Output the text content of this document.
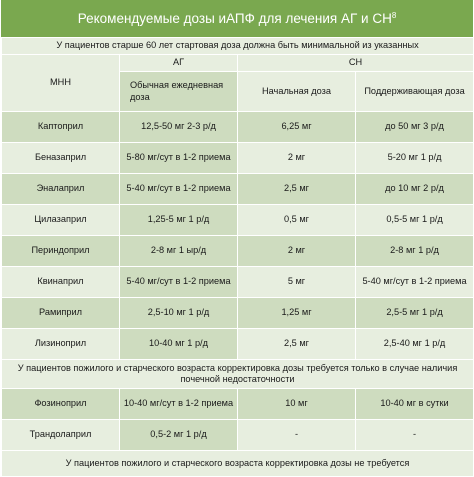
Рекомендуемые дозы иАПФ для лечения АГ и $СН^8$
У пациентов старше 60 лет стартовая доза должна быть минимальной из указанных			
МНН	АГ	СН	
	Обычная ежедневная доза	Начальная доза	Поддерживающая доза
Каптоприл	12,5-50 мг 2-3 р/д	6,25 мг	до 50 мг 3 р/д
Беназаприл	5-80 мг/сут в 1-2 приема	2 мг	5-20 мг 1 р/д
Эналаприл	5-40 мг/сут в 1-2 приема	2,5 мг	до 10 мг 2 р/д
Цилазаприл	1,25-5 мг 1 р/д	0,5 мг	0,5-5 мг 1 р/д
Периндоприл	2-8 мг 1 ыр/д	2 мг	2-8 мг 1 р/д
Квинаприл	5-40 мг/сут в 1-2 приема	5 мг	5-40 мг/сут в 1-2 приема
Рамиприл	2,5-10 мг 1 р/д	1,25 мг	2,5-5 мг 1 р/д
Лизиноприл	10-40 мг 1 р/д	2,5 мг	2,5-40 мг 1 р/д
У пациентов пожилого и старческого возраста корректировка дозы требуется только в случае наличия почечной недостаточности			
Фозиноприл	10-40 мг/сут в 1-2 приема	10 мг	10-40 мг в сутки
Трандолаприл	0,5-2 мг 1 р/д	-	-
У пациентов пожилого и старческого возраста корректировка дозы не требуется			
